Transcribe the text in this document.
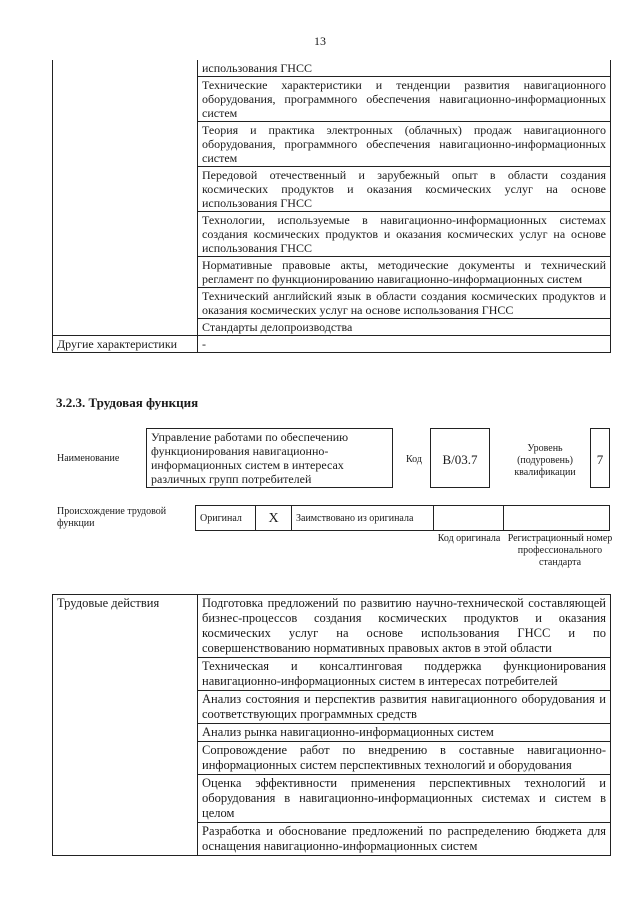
13
	использования ГНСС
	Технические характеристики и тенденции развития навигационного оборудования, программного обеспечения навигационно-информационных систем
	Теория и практика электронных (облачных) продаж навигационного оборудования, программного обеспечения навигационно-информационных систем
	Передовой отечественный и зарубежный опыт в области создания космических продуктов и оказания космических услуг на основе использования ГНСС
	Технологии, используемые в навигационно-информационных системах создания космических продуктов и оказания космических услуг на основе использования ГНСС
	Нормативные правовые акты, методические документы и технический регламент по функционированию навигационно-информационных систем
	Технический английский язык в области создания космических продуктов и оказания космических услуг на основе использования ГНСС
	Стандарты делопроизводства
Другие характеристики	-
3.2.3. Трудовая функция
Наименование
Управление работами по обеспечению функционирования навигационно-информационных систем в интересах различных групп потребителей
Код	B/03.7
Уровень (подуровень) квалификации
7
Происхождение трудовой функции	Оригинал	X	Заимствовано из оригинала		
Код оригинала Регистрационный номер профессионального стандарта
Трудовые действия	Подготовка предложений по развитию научно-технической составляющей бизнес-процессов создания космических продуктов и оказания космических услуг на основе использования ГНСС и по совершенствованию нормативных правовых актов в этой области
Техническая и консалтинговая поддержка функционирования навигационно-информационных систем в интересах потребителей
Анализ состояния и перспектив развития навигационного оборудования и соответствующих программных средств
Анализ рынка навигационно-информационных систем
Сопровождение работ по внедрению в составные навигационно-информационных систем перспективных технологий и оборудования
Оценка эффективности применения перспективных технологий и оборудования в навигационно-информационных системах и систем в целом
Разработка и обоснование предложений по распределению бюджета для оснащения навигационно-информационных систем
